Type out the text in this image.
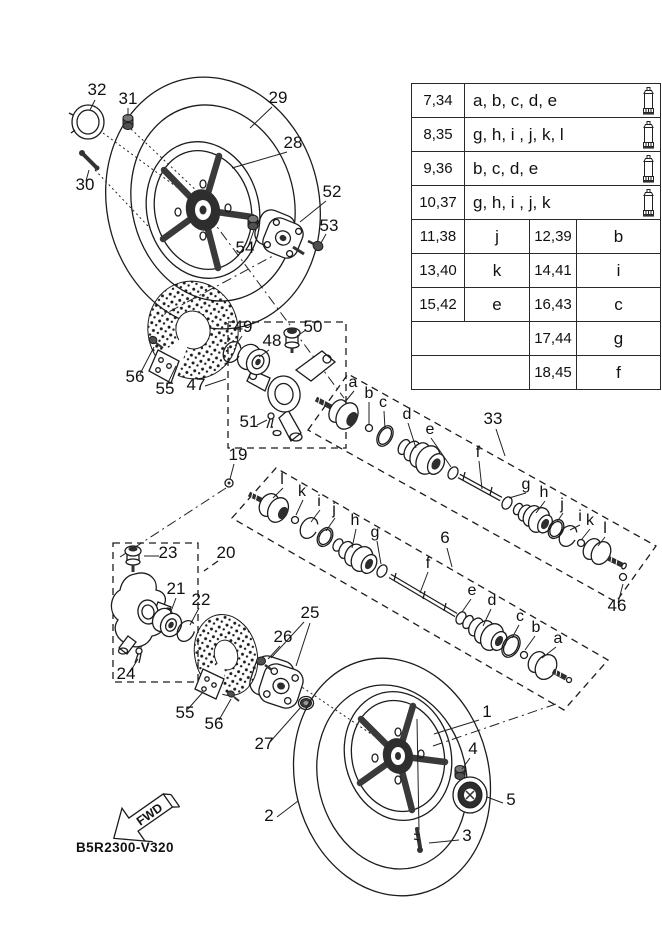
32 31	29
28
30	52
53
54
56
55 47
49
48
50
51
19
33
6
46
23 20
21
22
24
25
26
55
56
27
1
4
5
2
3
a
b
c
d
e
f
g h
j
i k l
l
k
i j
h
g
f
e
d
c
b
a
FWD
B5R2300-V320
7,34	a, b, c, d, e		

8,35	g, h, i , j, k, l		

9,36	b, c, d, e		

10,37	g, h, i , j, k		

11,38	j	12,39	b
13,40	k	14,41	i
15,42	e	16,43	c
		17,44	g
		18,45	f
